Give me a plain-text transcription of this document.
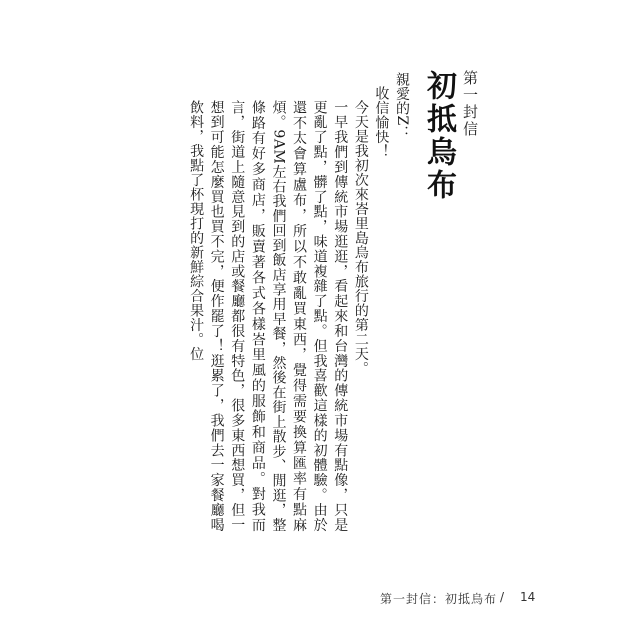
第一封信
初抵烏布

親愛的Z：

收信愉快！

今天是我初次來峇里島烏布旅行的第二天。

一早我們到傳統市場逛逛，看起來和台灣的傳統市場有點像，只是更亂了點，髒了點，味道複雜了點。但我喜歡這樣的初體驗。由於還不太會算盧布，所以不敢亂買東西，覺得需要換算匯率有點麻煩。9AM左右我們回到飯店享用早餐，然後在街上散步、閒逛，整條路有好多商店，販賣著各式各樣峇里風的服飾和商品。對我而言，街道上隨意見到的店或餐廳都很有特色，很多東西想買，但一想到可能怎麼買也買不完，便作罷了！逛累了，我們去一家餐廳喝飲料，我點了杯現打的新鮮綜合果汁。位

第一封信：初抵烏布 / 14
